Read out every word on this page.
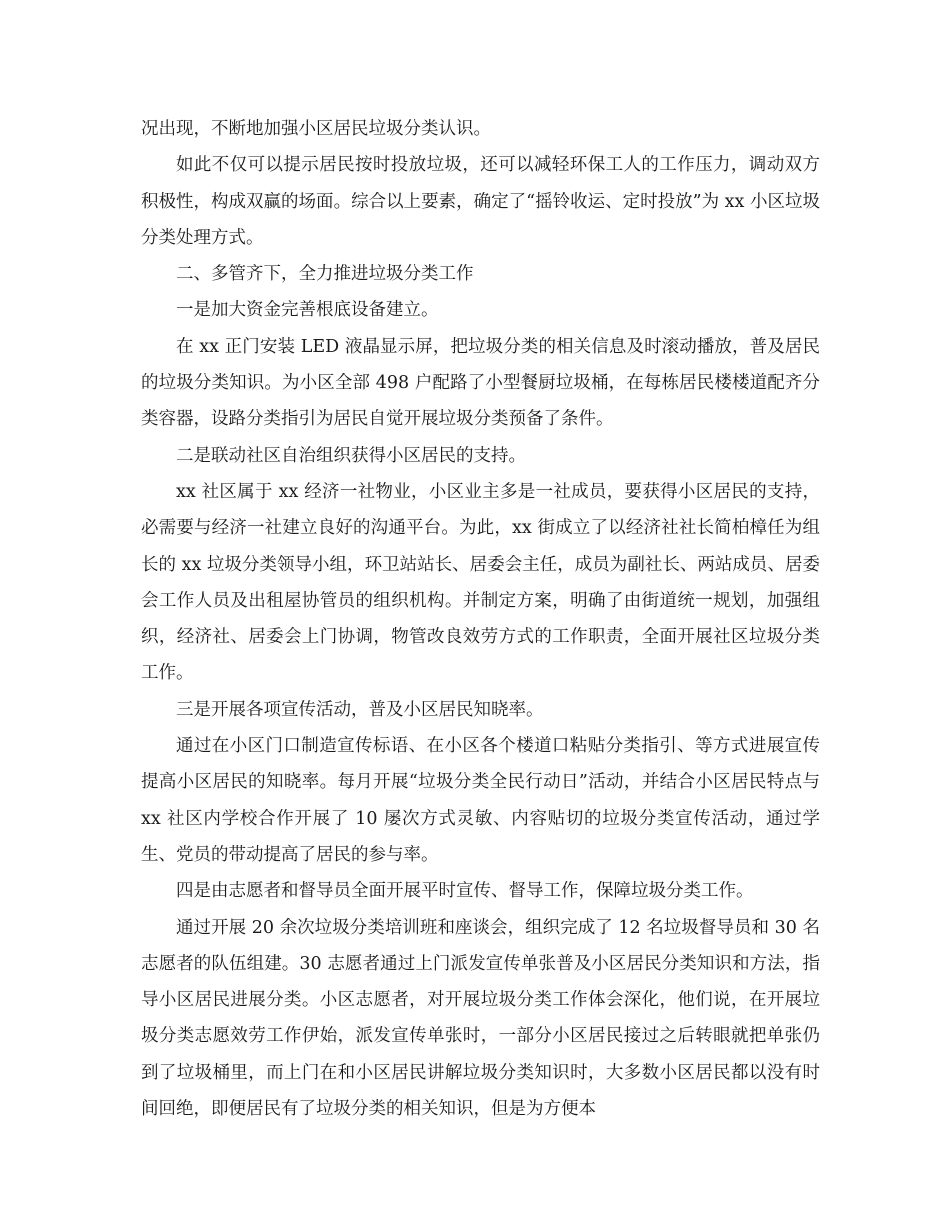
况出现，不断地加强小区居民垃圾分类认识。

如此不仅可以提示居民按时投放垃圾，还可以减轻环保工人的工作压力，调动双方积极性，构成双赢的场面。综合以上要素，确定了“摇铃收运、定时投放”为 xx 小区垃圾分类处理方式。

二、多管齐下，全力推进垃圾分类工作

一是加大资金完善根底设备建立。

在 xx 正门安装 LED 液晶显示屏，把垃圾分类的相关信息及时滚动播放，普及居民的垃圾分类知识。为小区全部 498 户配路了小型餐厨垃圾桶，在每栋居民楼楼道配齐分类容器，设路分类指引为居民自觉开展垃圾分类预备了条件。

二是联动社区自治组织获得小区居民的支持。

xx 社区属于 xx 经济一社物业，小区业主多是一社成员，要获得小区居民的支持，必需要与经济一社建立良好的沟通平台。为此，xx 街成立了以经济社社长简柏樟任为组长的 xx 垃圾分类领导小组，环卫站站长、居委会主任，成员为副社长、两站成员、居委会工作人员及出租屋协管员的组织机构。并制定方案，明确了由街道统一规划，加强组织，经济社、居委会上门协调，物管改良效劳方式的工作职责，全面开展社区垃圾分类工作。

三是开展各项宣传活动，普及小区居民知晓率。

通过在小区门口制造宣传标语、在小区各个楼道口粘贴分类指引、等方式进展宣传提高小区居民的知晓率。每月开展“垃圾分类全民行动日”活动，并结合小区居民特点与 xx 社区内学校合作开展了 10 屡次方式灵敏、内容贴切的垃圾分类宣传活动，通过学生、党员的带动提高了居民的参与率。

四是由志愿者和督导员全面开展平时宣传、督导工作，保障垃圾分类工作。

通过开展 20 余次垃圾分类培训班和座谈会，组织完成了 12 名垃圾督导员和 30 名志愿者的队伍组建。30 志愿者通过上门派发宣传单张普及小区居民分类知识和方法，指导小区居民进展分类。小区志愿者，对开展垃圾分类工作体会深化，他们说，在开展垃圾分类志愿效劳工作伊始，派发宣传单张时，一部分小区居民接过之后转眼就把单张仍到了垃圾桶里，而上门在和小区居民讲解垃圾分类知识时，大多数小区居民都以没有时间回绝，即便居民有了垃圾分类的相关知识，但是为方便本
